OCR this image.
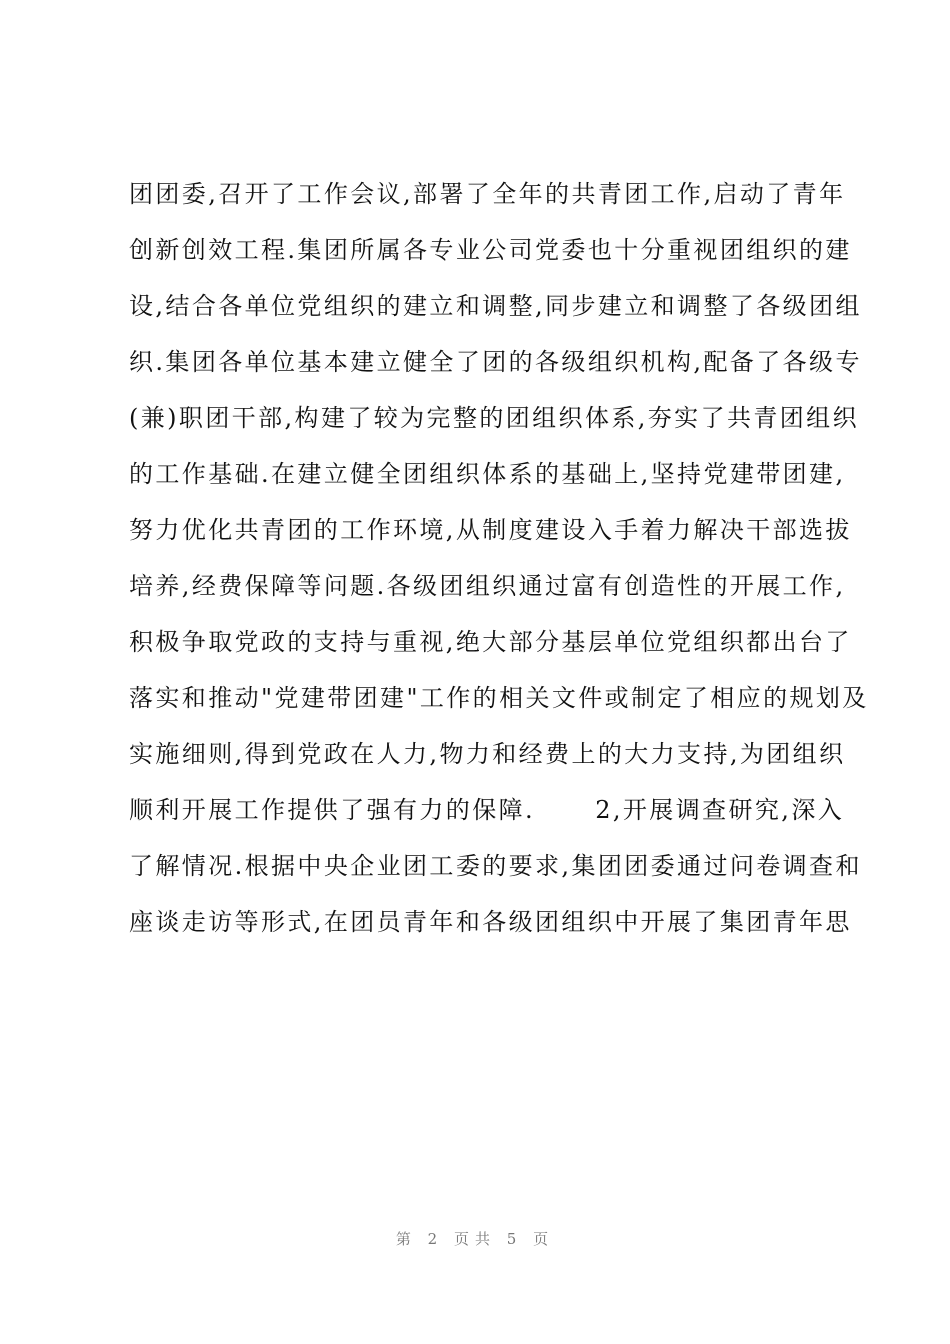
团团委,召开了工作会议,部署了全年的共青团工作,启动了青年
创新创效工程.集团所属各专业公司党委也十分重视团组织的建
设,结合各单位党组织的建立和调整,同步建立和调整了各级团组
织.集团各单位基本建立健全了团的各级组织机构,配备了各级专
(兼)职团干部,构建了较为完整的团组织体系,夯实了共青团组织
的工作基础.在建立健全团组织体系的基础上,坚持党建带团建,
努力优化共青团的工作环境,从制度建设入手着力解决干部选拔
培养,经费保障等问题.各级团组织通过富有创造性的开展工作,
积极争取党政的支持与重视,绝大部分基层单位党组织都出台了
落实和推动"党建带团建"工作的相关文件或制定了相应的规划及
实施细则,得到党政在人力,物力和经费上的大力支持,为团组织
顺利开展工作提供了强有力的保障.      2,开展调查研究,深入
了解情况.根据中央企业团工委的要求,集团团委通过问卷调查和
座谈走访等形式,在团员青年和各级团组织中开展了集团青年思
第 2 页共 5 页
